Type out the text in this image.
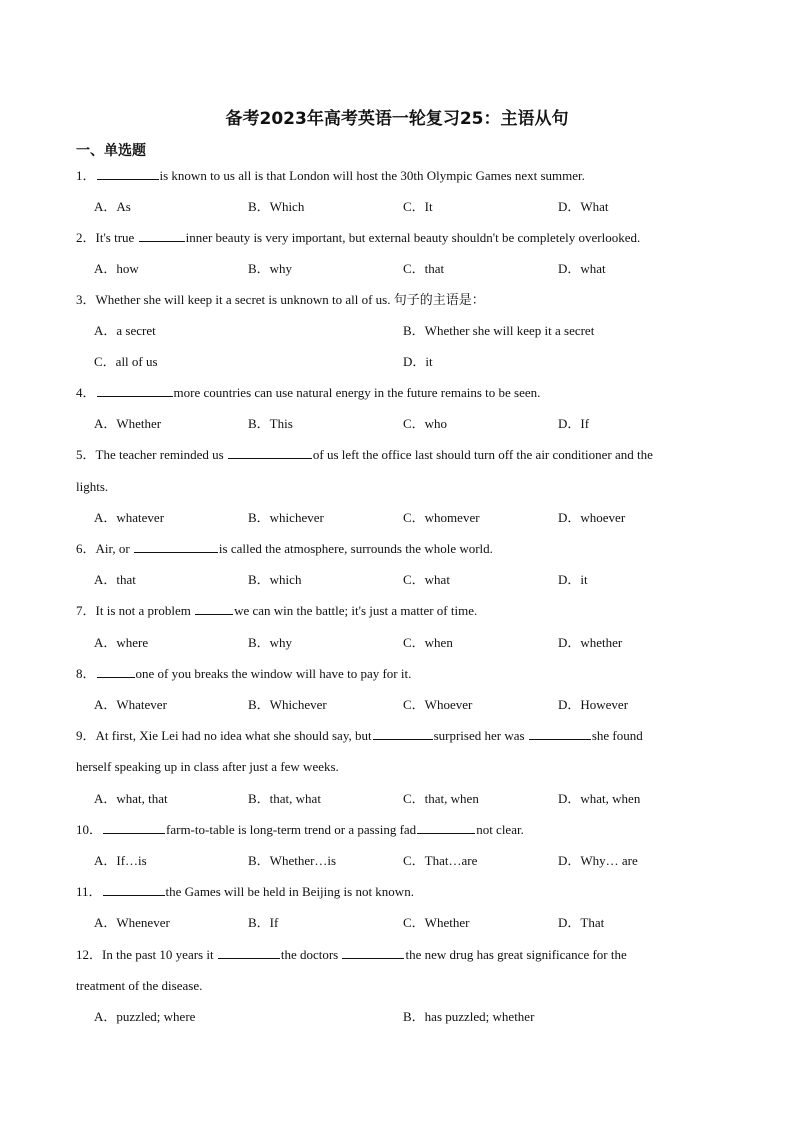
备考2023年高考英语一轮复习25：主语从句
一、单选题
1．	is known to us all is that London will host the 30th Olympic Games next summer.
A．As	B．Which	C．It	D．What
2．It's true	inner beauty is very important, but external beauty shouldn't be completely overlooked.
A．how	B．why	C．that	D．what
3．Whether she will keep it a secret is unknown to all of us. 句子的主语是：
A．a secret	B．Whether she will keep it a secret
C．all of us	D．it
4．	more countries can use natural energy in the future remains to be seen.
A．Whether	B．This	C．who	D．If
5．The teacher reminded us	of us left the office last should turn off the air conditioner and the
lights.
A．whatever	B．whichever	C．whomever	D．whoever
6．Air, or	is called the atmosphere, surrounds the whole world.
A．that	B．which	C．what	D．it
7．It is not a problem	we can win the battle; it's just a matter of time.
A．where	B．why	C．when	D．whether
8．	one of you breaks the window will have to pay for it.
A．Whatever	B．Whichever	C．Whoever	D．However
9．At first, Xie Lei had no idea what she should say, but	surprised her was	she found
herself speaking up in class after just a few weeks.
A．what, that	B．that, what	C．that, when	D．what, when
10．	farm-to-table is long-term trend or a passing fad	not clear.
A．If…is	B．Whether…is	C．That…are	D．Why… are
11．	the Games will be held in Beijing is not known.
A．Whenever	B．If	C．Whether	D．That
12．In the past 10 years it	the doctors	the new drug has great significance for the
treatment of the disease.
A．puzzled; where	B．has puzzled; whether
